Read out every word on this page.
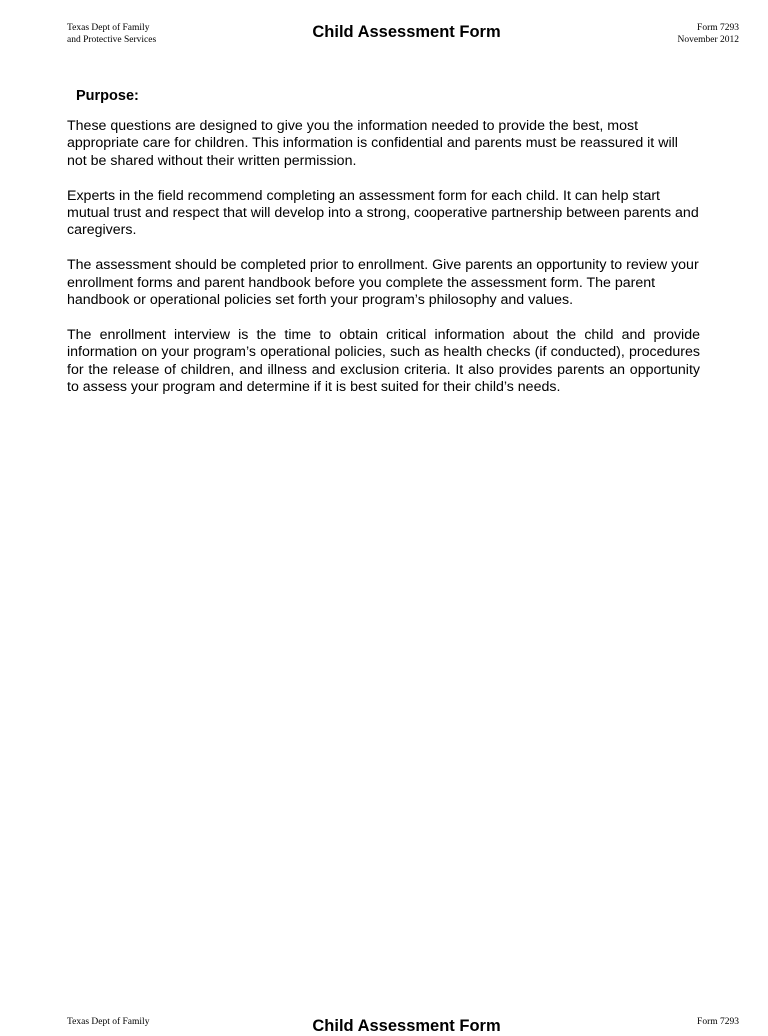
Texas Dept of Family
and Protective Services	Child Assessment Form	Form 7293
November 2012
Purpose:

These questions are designed to give you the information needed to provide the best, most appropriate care for children. This information is confidential and parents must be reassured it will not be shared without their written permission.

Experts in the field recommend completing an assessment form for each child. It can help start mutual trust and respect that will develop into a strong, cooperative partnership between parents and caregivers.

The assessment should be completed prior to enrollment. Give parents an opportunity to review your enrollment forms and parent handbook before you complete the assessment form. The parent handbook or operational policies set forth your program’s philosophy and values.

The enrollment interview is the time to obtain critical information about the child and provide information on your program’s operational policies, such as health checks (if conducted), procedures for the release of children, and illness and exclusion criteria. It also provides parents an opportunity to assess your program and determine if it is best suited for their child’s needs.

Texas Dept of Family	Child Assessment Form	Form 7293
